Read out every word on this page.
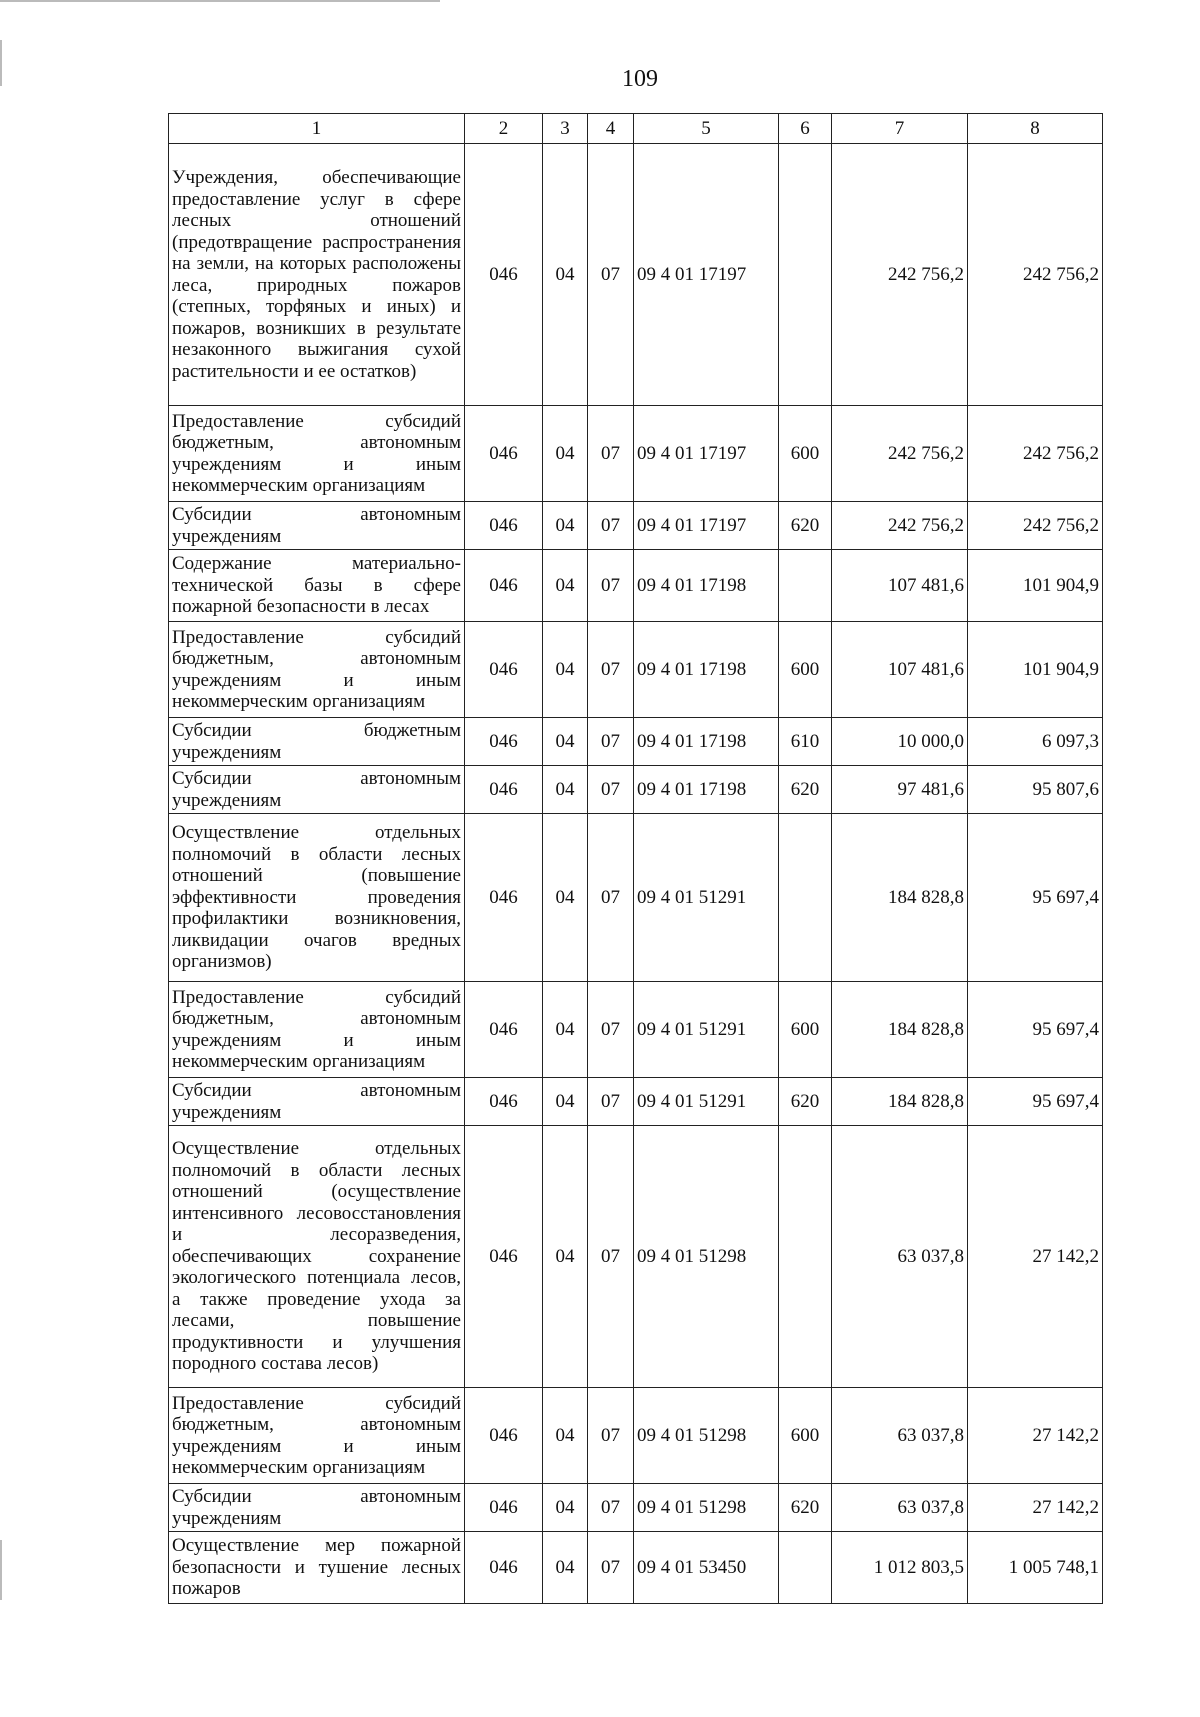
109
1	2	3	4	5	6	7	8
Учреждения, обеспечивающие предоставление услуг в сфере лесных отношений (предотвращение распространения на земли, на которых расположены леса, природных пожаров (степных, торфяных и иных) и пожаров, возникших в результате незаконного выжигания сухой растительности и ее остатков)	046	04	07	09 4 01 17197		242 756,2	242 756,2
Предоставление субсидий бюджетным, автономным учреждениям и иным некоммерческим организациям	046	04	07	09 4 01 17197	600	242 756,2	242 756,2
Субсидии автономным учреждениям	046	04	07	09 4 01 17197	620	242 756,2	242 756,2
Содержание материально-технической базы в сфере пожарной безопасности в лесах	046	04	07	09 4 01 17198		107 481,6	101 904,9
Предоставление субсидий бюджетным, автономным учреждениям и иным некоммерческим организациям	046	04	07	09 4 01 17198	600	107 481,6	101 904,9
Субсидии бюджетным учреждениям	046	04	07	09 4 01 17198	610	10 000,0	6 097,3
Субсидии автономным учреждениям	046	04	07	09 4 01 17198	620	97 481,6	95 807,6
Осуществление отдельных полномочий в области лесных отношений (повышение эффективности проведения профилактики возникновения, ликвидации очагов вредных организмов)	046	04	07	09 4 01 51291		184 828,8	95 697,4
Предоставление субсидий бюджетным, автономным учреждениям и иным некоммерческим организациям	046	04	07	09 4 01 51291	600	184 828,8	95 697,4
Субсидии автономным учреждениям	046	04	07	09 4 01 51291	620	184 828,8	95 697,4
Осуществление отдельных полномочий в области лесных отношений (осуществление интенсивного лесовосстановления и лесоразведения, обеспечивающих сохранение экологического потенциала лесов, а также проведение ухода за лесами, повышение продуктивности и улучшения породного состава лесов)	046	04	07	09 4 01 51298		63 037,8	27 142,2
Предоставление субсидий бюджетным, автономным учреждениям и иным некоммерческим организациям	046	04	07	09 4 01 51298	600	63 037,8	27 142,2
Субсидии автономным учреждениям	046	04	07	09 4 01 51298	620	63 037,8	27 142,2
Осуществление мер пожарной безопасности и тушение лесных пожаров	046	04	07	09 4 01 53450		1 012 803,5	1 005 748,1
